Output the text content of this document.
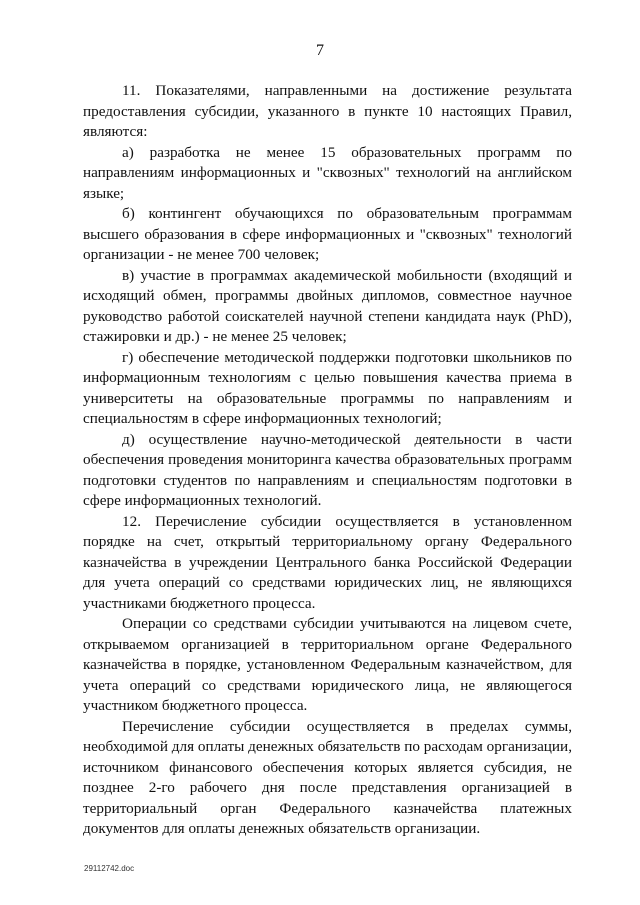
7

11. Показателями, направленными на достижение результата предоставления субсидии, указанного в пункте 10 настоящих Правил, являются:

а) разработка не менее 15 образовательных программ по направлениям информационных и "сквозных" технологий на английском языке;

б) контингент обучающихся по образовательным программам высшего образования в сфере информационных и "сквозных" технологий организации - не менее 700 человек;

в) участие в программах академической мобильности (входящий и исходящий обмен, программы двойных дипломов, совместное научное руководство работой соискателей научной степени кандидата наук (PhD), стажировки и др.) - не менее 25 человек;

г) обеспечение методической поддержки подготовки школьников по информационным технологиям с целью повышения качества приема в университеты на образовательные программы по направлениям и специальностям в сфере информационных технологий;

д) осуществление научно-методической деятельности в части обеспечения проведения мониторинга качества образовательных программ подготовки студентов по направлениям и специальностям подготовки в сфере информационных технологий.

12. Перечисление субсидии осуществляется в установленном порядке на счет, открытый территориальному органу Федерального казначейства в учреждении Центрального банка Российской Федерации для учета операций со средствами юридических лиц, не являющихся участниками бюджетного процесса.

Операции со средствами субсидии учитываются на лицевом счете, открываемом организацией в территориальном органе Федерального казначейства в порядке, установленном Федеральным казначейством, для учета операций со средствами юридического лица, не являющегося участником бюджетного процесса.

Перечисление субсидии осуществляется в пределах суммы, необходимой для оплаты денежных обязательств по расходам организации, источником финансового обеспечения которых является субсидия, не позднее 2-го рабочего дня после представления организацией в территориальный орган Федерального казначейства платежных документов для оплаты денежных обязательств организации.

29112742.doc
